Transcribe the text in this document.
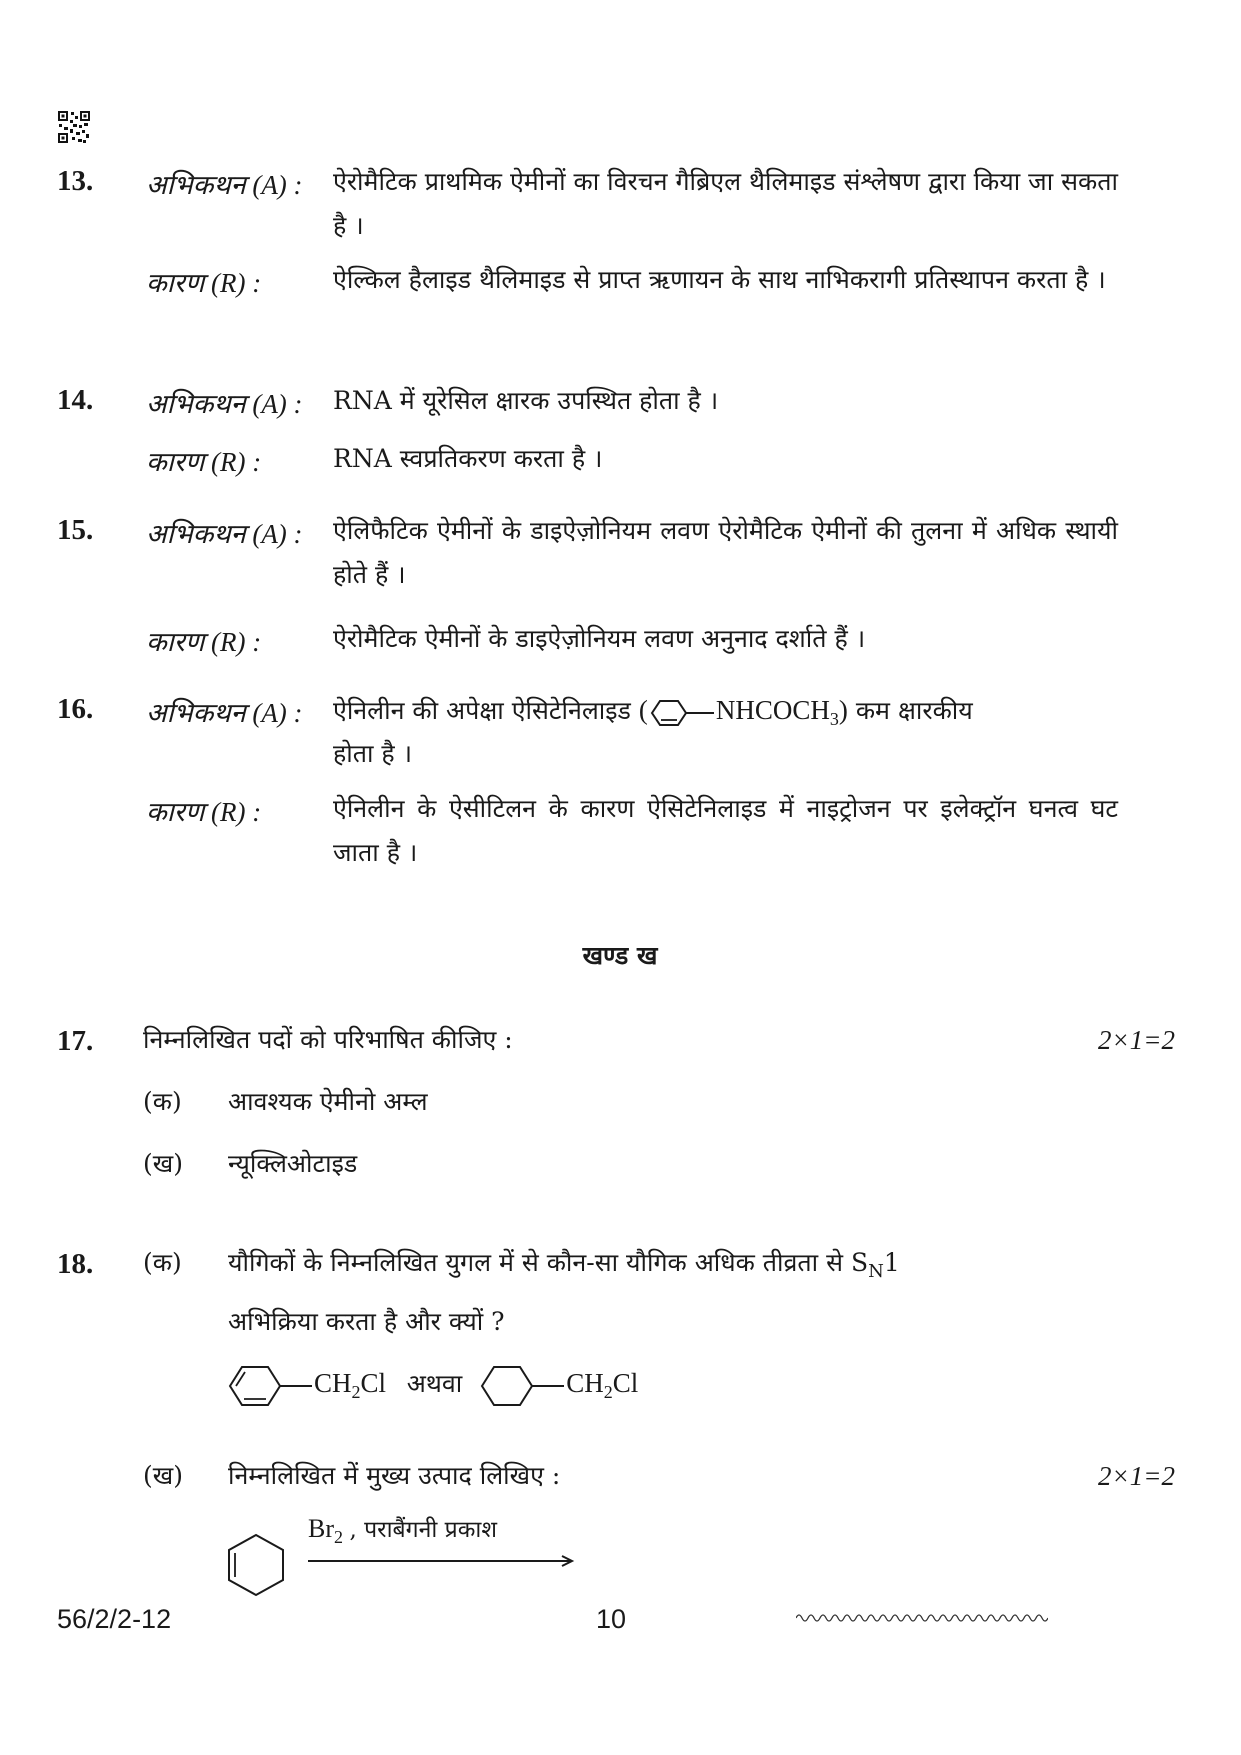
13. अभिकथन (A) : ऐरोमैटिक प्राथमिक ऐमीनों का विरचन गैब्रिएल थैलिमाइड संश्लेषण द्वारा किया जा सकता है ।
कारण (R) :	ऐल्किल हैलाइड थैलिमाइड से प्राप्त ऋणायन के साथ नाभिकरागी प्रतिस्थापन करता है ।
14. अभिकथन (A) : RNA में यूरेसिल क्षारक उपस्थित होता है ।
कारण (R) :	RNA स्वप्रतिकरण करता है ।
15. अभिकथन (A) : ऐलिफैटिक ऐमीनों के डाइऐज़ोनियम लवण ऐरोमैटिक ऐमीनों की तुलना में अधिक स्थायी होते हैं ।
कारण (R) :	ऐरोमैटिक ऐमीनों के डाइऐज़ोनियम लवण अनुनाद दर्शाते हैं ।
16. अभिकथन (A) : ऐनिलीन की अपेक्षा ऐसिटेनिलाइड (	$NHCOCH_3$) कम क्षारकीय
होता है ।
कारण (R) :	ऐनिलीन के ऐसीटिलन के कारण ऐसिटेनिलाइड में नाइट्रोजन पर इलेक्ट्रॉन घनत्व घट जाता है ।
खण्ड ख
17. निम्नलिखित पदों को परिभाषित कीजिए :	2×1=2
(क) आवश्यक ऐमीनो अम्ल
(ख) न्यूक्लिओटाइड
18. (क) यौगिकों के निम्नलिखित युगल में से कौन-सा यौगिक अधिक तीव्रता से $S_N1$
अभिक्रिया करता है और क्यों ?
$CH_2Cl$ अथवा	$CH_2Cl$
(ख) निम्नलिखित में मुख्य उत्पाद लिखिए :	2×1=2
$Br_2$ , पराबैंगनी प्रकाश
56/2/2-12	10
